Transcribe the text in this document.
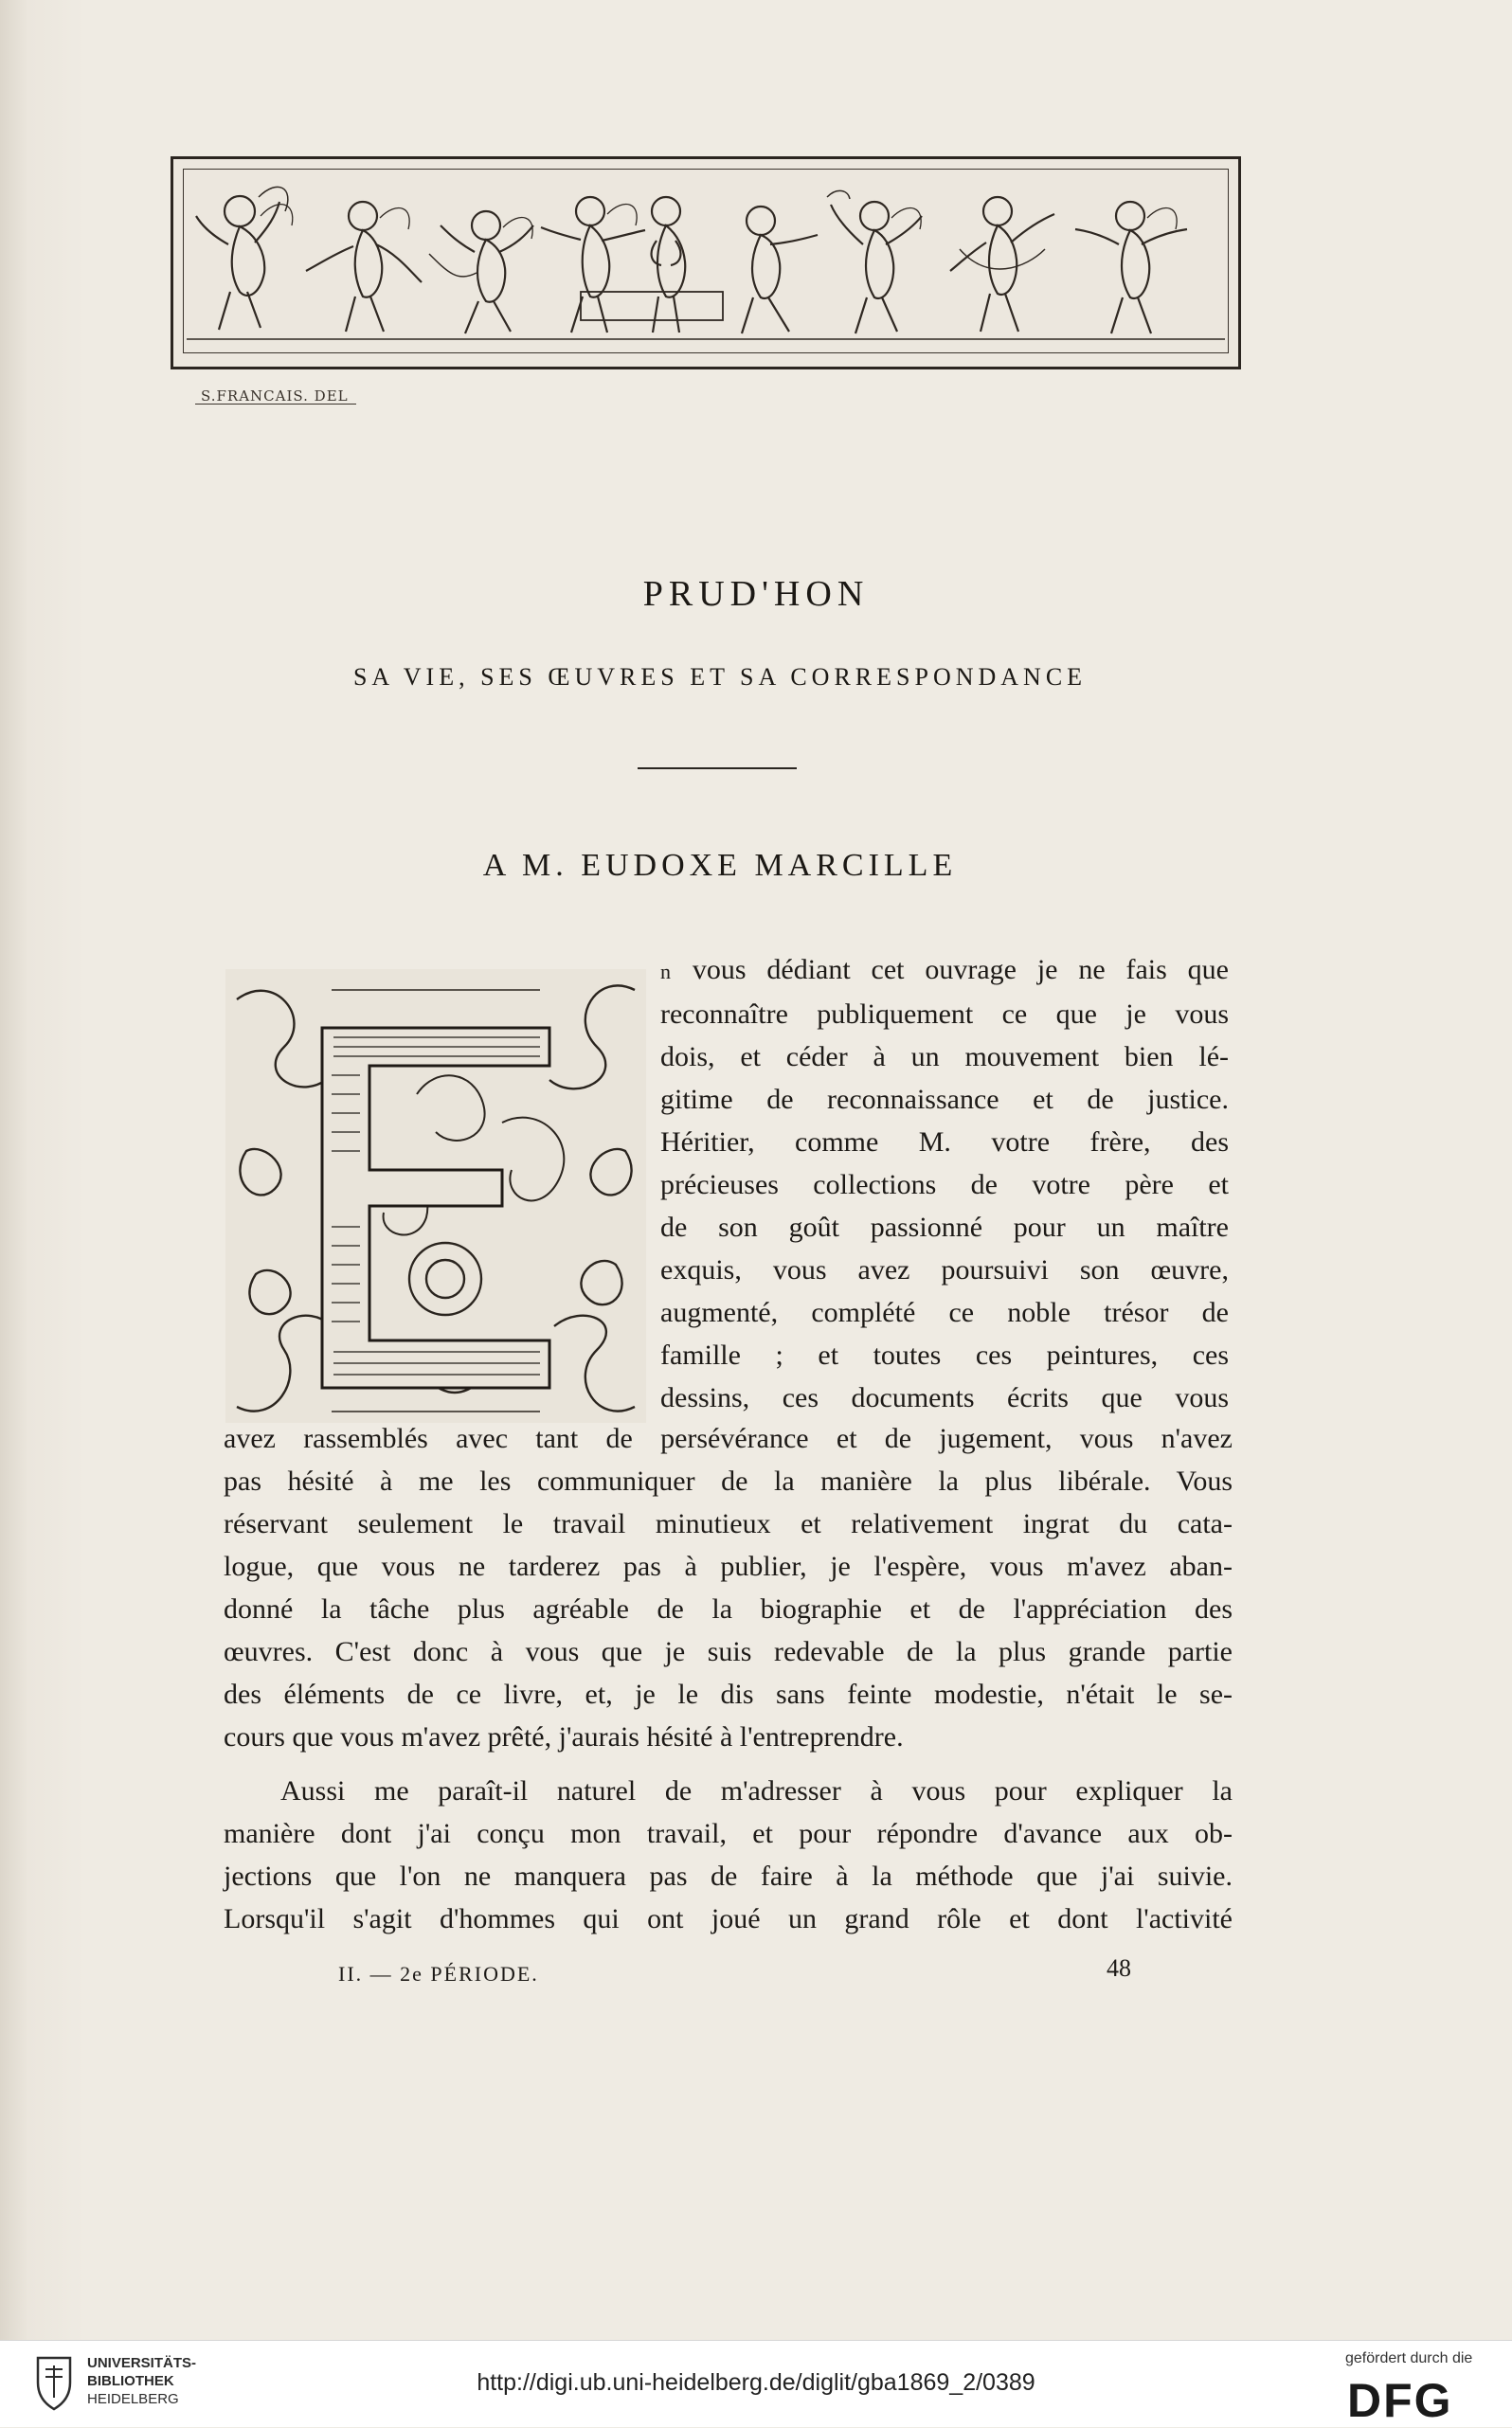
S.FRANCAIS. DEL
PRUD'HON
SA VIE, SES ŒUVRES ET SA CORRESPONDANCE
A M. EUDOXE MARCILLE
n vous dédiant cet ouvrage je ne fais que
reconnaître publiquement ce que je vous
dois, et céder à un mouvement bien lé-
gitime de reconnaissance et de justice.
Héritier, comme M. votre frère, des
précieuses collections de votre père et
de son goût passionné pour un maître
exquis, vous avez poursuivi son œuvre,
augmenté, complété ce noble trésor de
famille ; et toutes ces peintures, ces
dessins, ces documents écrits que vous
avez rassemblés avec tant de persévérance et de jugement, vous n'avez
pas hésité à me les communiquer de la manière la plus libérale. Vous
réservant seulement le travail minutieux et relativement ingrat du cata-
logue, que vous ne tarderez pas à publier, je l'espère, vous m'avez aban-
donné la tâche plus agréable de la biographie et de l'appréciation des
œuvres. C'est donc à vous que je suis redevable de la plus grande partie
des éléments de ce livre, et, je le dis sans feinte modestie, n'était le se-
cours que vous m'avez prêté, j'aurais hésité à l'entreprendre.
Aussi me paraît-il naturel de m'adresser à vous pour expliquer la
manière dont j'ai conçu mon travail, et pour répondre d'avance aux ob-
jections que l'on ne manquera pas de faire à la méthode que j'ai suivie.
Lorsqu'il s'agit d'hommes qui ont joué un grand rôle et dont l'activité
II. — 2e PÉRIODE.	48
UNIVERSITÄTS-
BIBLIOTHEK
HEIDELBERG
http://digi.ub.uni-heidelberg.de/diglit/gba1869_2/0389
gefördert durch die
DFG
